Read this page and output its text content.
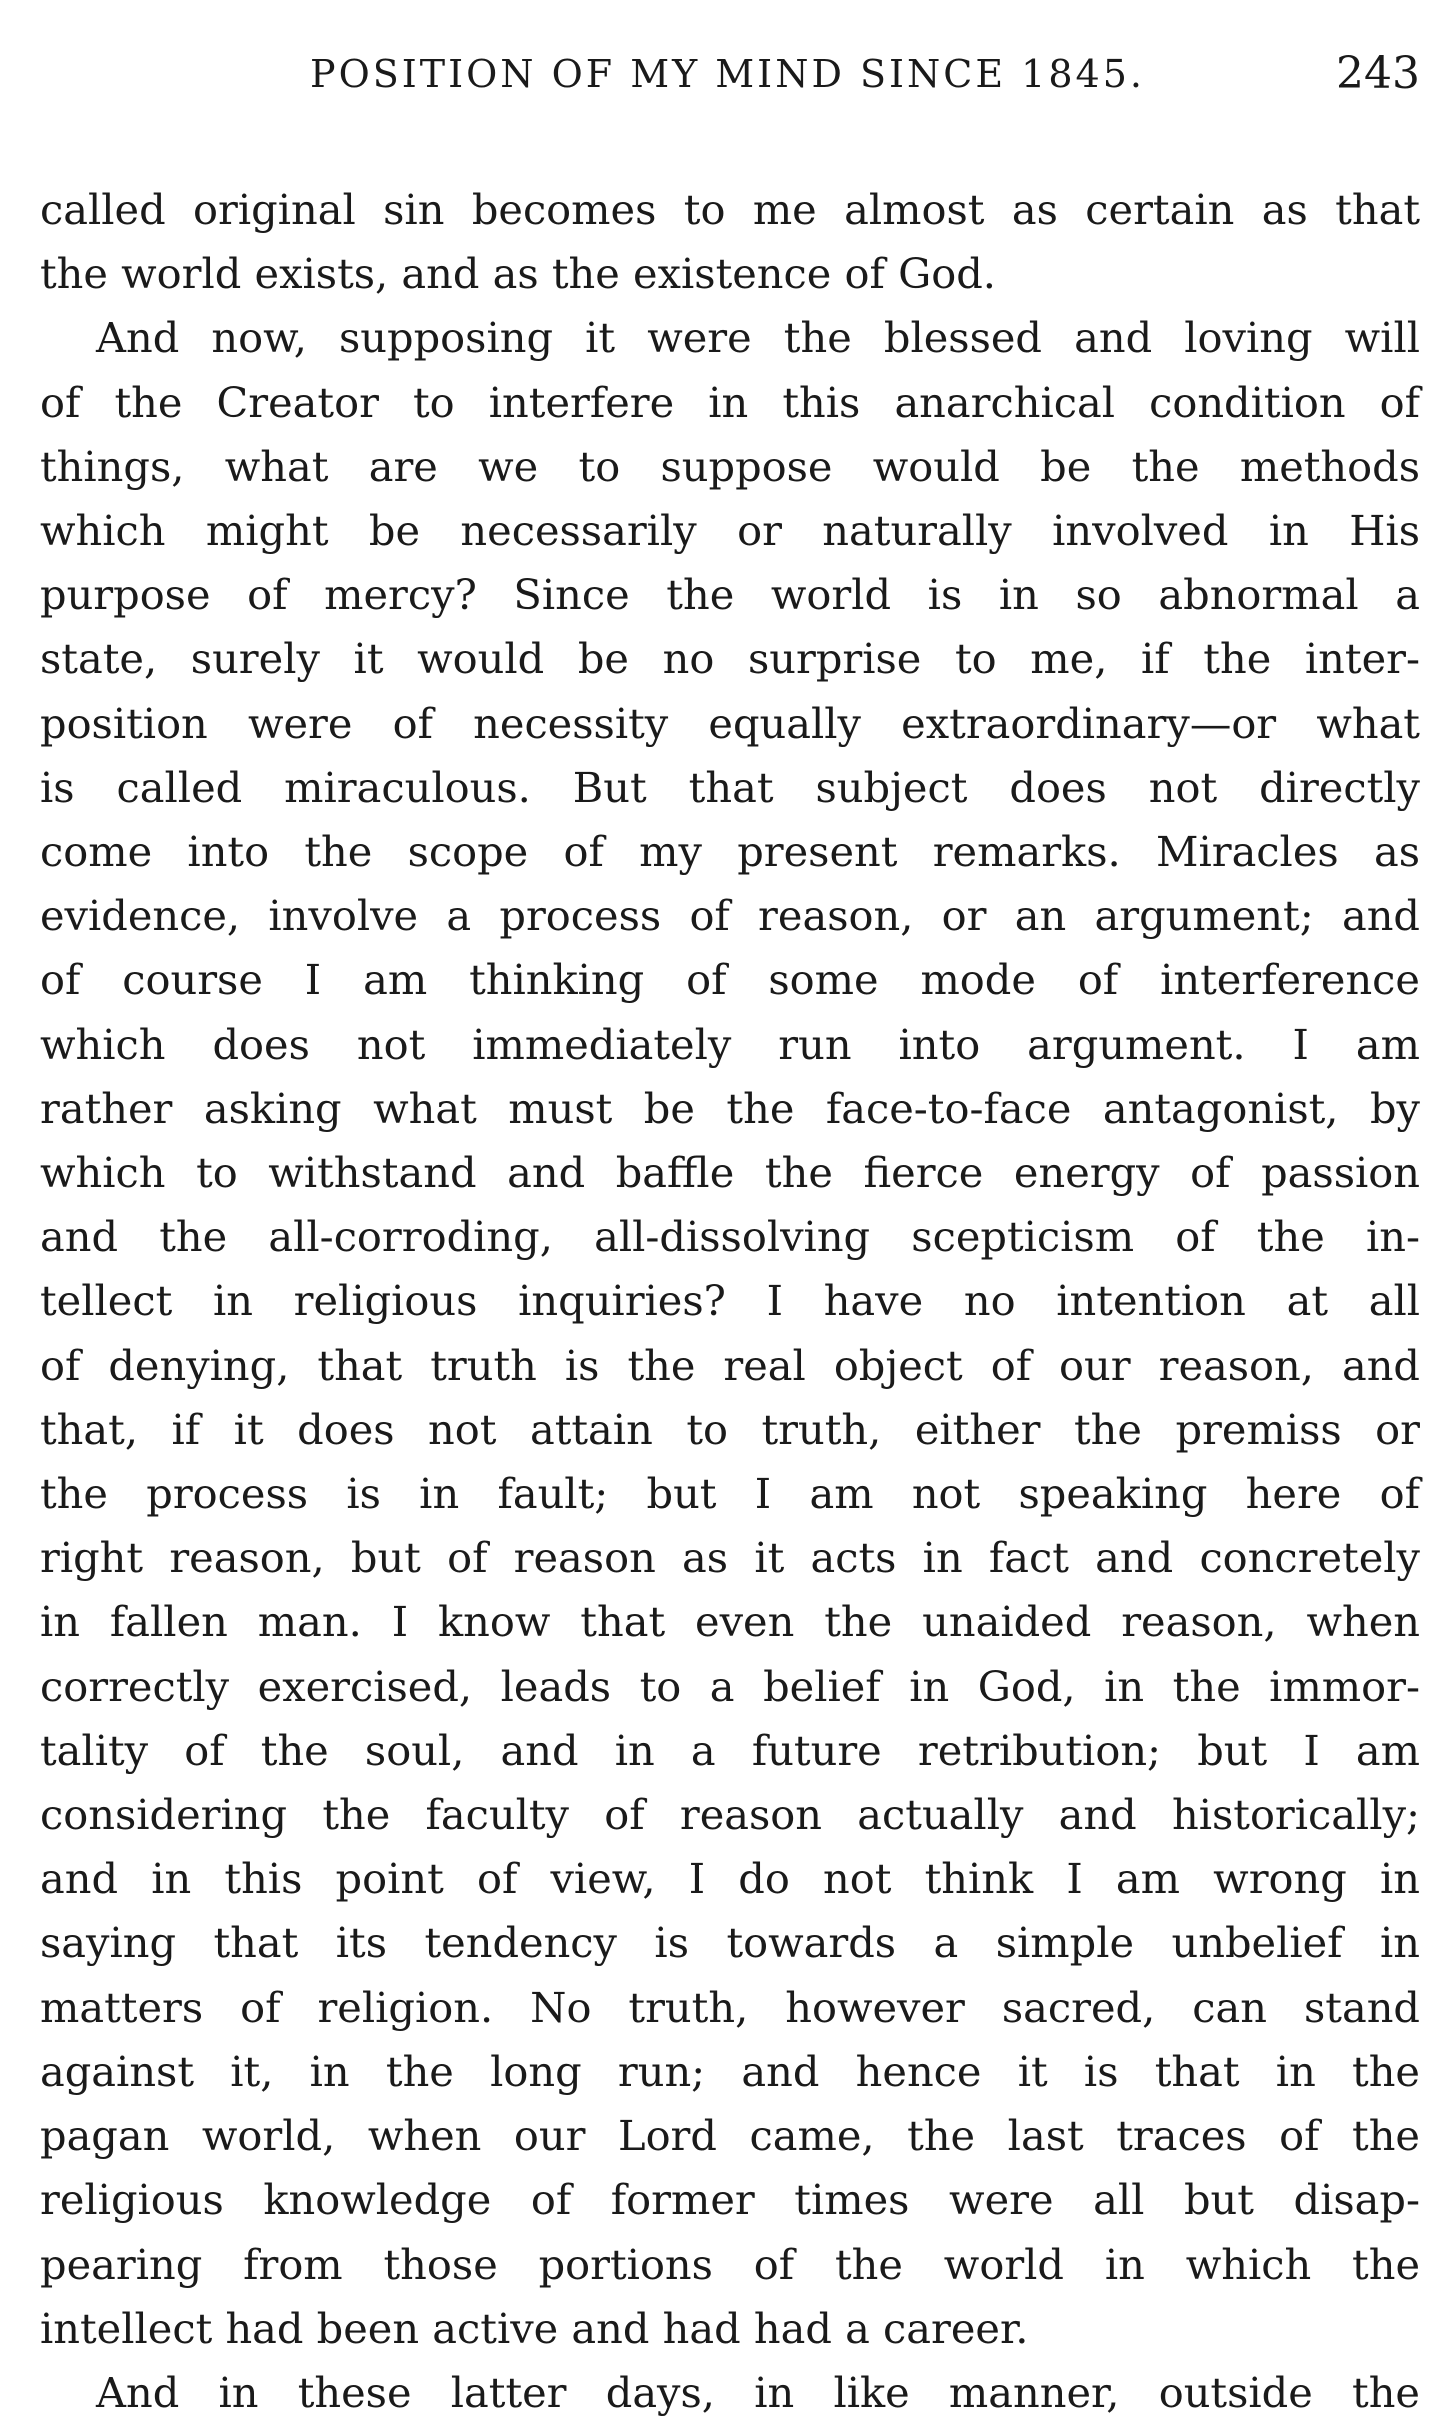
POSITION OF MY MIND SINCE 1845.	243
called original sin becomes to me almost as certain as that
the world exists, and as the existence of God.
And now, supposing it were the blessed and loving will
of the Creator to interfere in this anarchical condition of
things, what are we to suppose would be the methods
which might be necessarily or naturally involved in His
purpose of mercy? Since the world is in so abnormal a
state, surely it would be no surprise to me, if the inter-
position were of necessity equally extraordinary—or what
is called miraculous. But that subject does not directly
come into the scope of my present remarks. Miracles as
evidence, involve a process of reason, or an argument; and
of course I am thinking of some mode of interference
which does not immediately run into argument. I am
rather asking what must be the face-to-face antagonist, by
which to withstand and baffle the fierce energy of passion
and the all-corroding, all-dissolving scepticism of the in-
tellect in religious inquiries? I have no intention at all
of denying, that truth is the real object of our reason, and
that, if it does not attain to truth, either the premiss or
the process is in fault; but I am not speaking here of
right reason, but of reason as it acts in fact and concretely
in fallen man. I know that even the unaided reason, when
correctly exercised, leads to a belief in God, in the immor-
tality of the soul, and in a future retribution; but I am
considering the faculty of reason actually and historically;
and in this point of view, I do not think I am wrong in
saying that its tendency is towards a simple unbelief in
matters of religion. No truth, however sacred, can stand
against it, in the long run; and hence it is that in the
pagan world, when our Lord came, the last traces of the
religious knowledge of former times were all but disap-
pearing from those portions of the world in which the
intellect had been active and had had a career.
And in these latter days, in like manner, outside the
